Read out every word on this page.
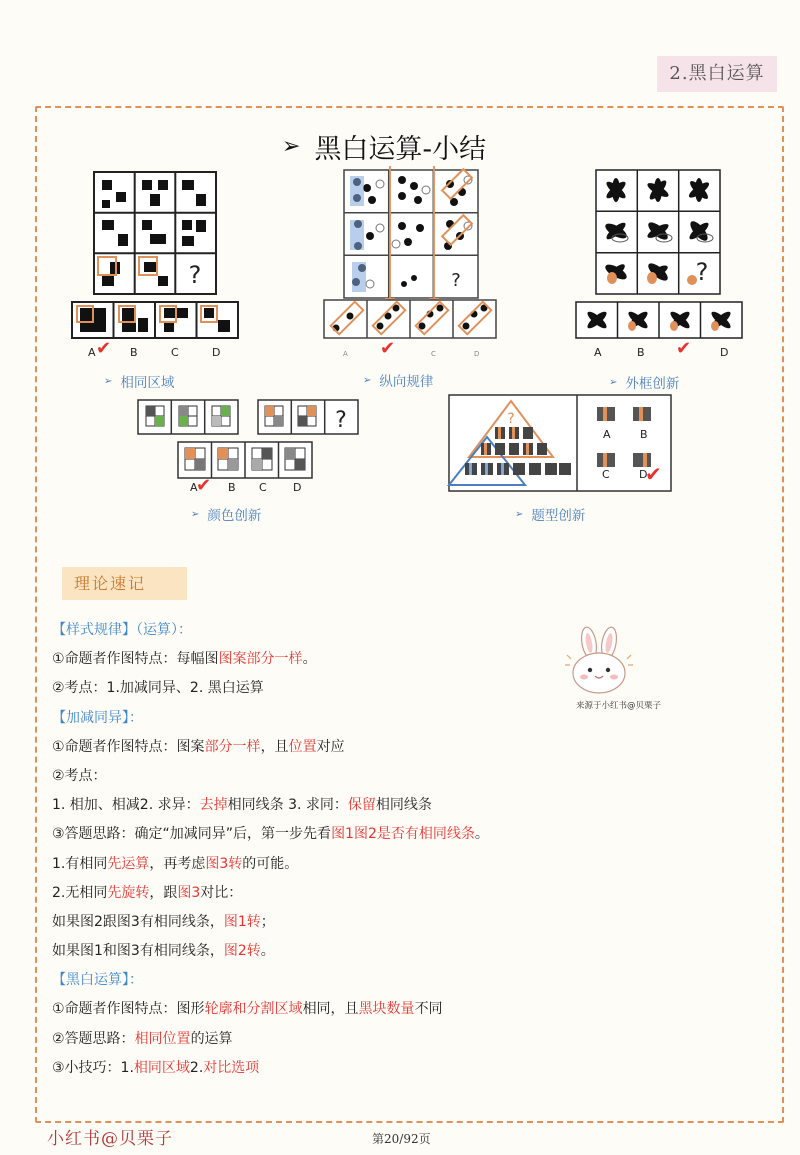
2.黑白运算
➢ 黑白运算-小结
?
A ✔ B	C	D
➢ 相同区域
?
A ✔	C	D
➢ 纵向规律
?
A	B ✔	D
➢ 外框创新
?
A
✔ B C D
➢ 颜色创新
?
A	B
C	D
✔
➢ 题型创新
理论速记
【样式规律】（运算）：
①命题者作图特点：每幅图图案部分一样。
②考点：1.加减同异、2. 黑白运算
【加减同异】：
①命题者作图特点：图案部分一样，且位置对应
②考点：
1. 相加、相减2. 求异：去掉相同线条 3. 求同：保留相同线条
③答题思路：确定“加减同异”后，第一步先看图1图2是否有相同线条。
1.有相同先运算，再考虑图3转的可能。
2.无相同先旋转，跟图3对比：
如果图2跟图3有相同线条，图1转；
如果图1和图3有相同线条，图2转。
【黑白运算】：
①命题者作图特点：图形轮廓和分割区域相同，且黑块数量不同
②答题思路：相同位置的运算
③小技巧：1.相同区域2.对比选项
来源于小红书@贝栗子
小红书@贝栗子	第20/92页
